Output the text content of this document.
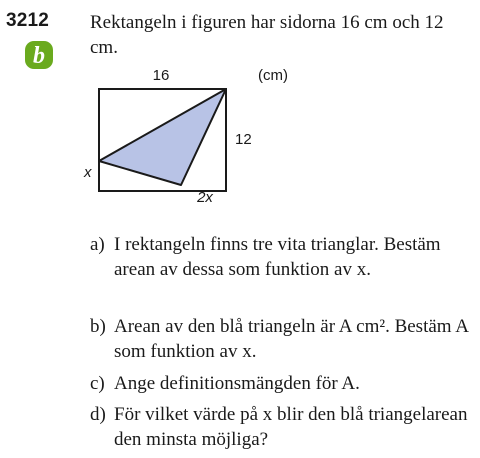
3212 Rektangeln i figuren har sidorna 16 cm och 12 cm.
b
16	(cm)
12
x
2x
a) I rektangeln finns tre vita trianglar. Bestäm arean av dessa som funktion av x.
b) Arean av den blå triangeln är A cm². Bestäm A som funktion av x.
c) Ange definitionsmängden för A.
d) För vilket värde på x blir den blå triangelarean den minsta möjliga?
